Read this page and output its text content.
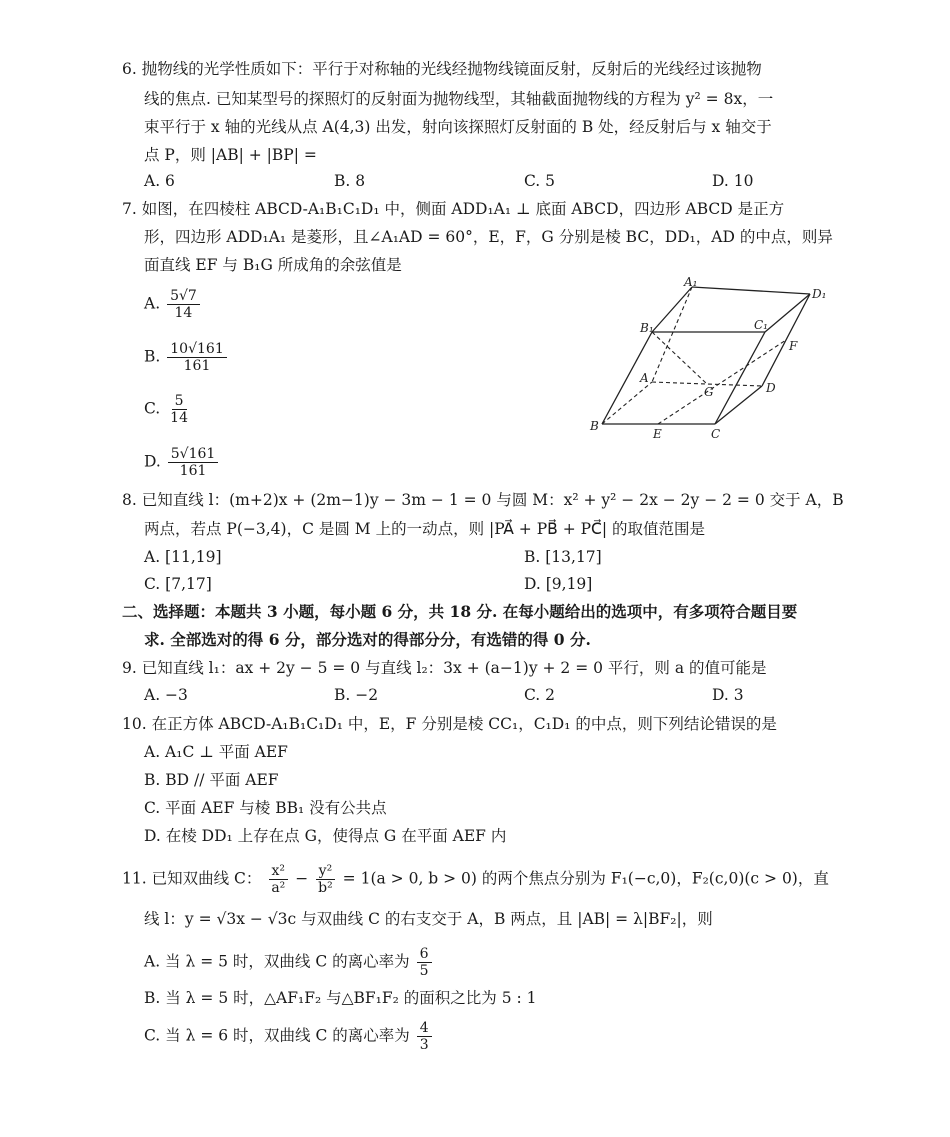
6. 抛物线的光学性质如下：平行于对称轴的光线经抛物线镜面反射，反射后的光线经过该抛物
线的焦点. 已知某型号的探照灯的反射面为抛物线型，其轴截面抛物线的方程为 y² = 8x，一
束平行于 x 轴的光线从点 A(4,3) 出发，射向该探照灯反射面的 B 处，经反射后与 x 轴交于
点 P，则 |AB| + |BP| =
A. 6	B. 8	C. 5	D. 10
7. 如图，在四棱柱 ABCD-A₁B₁C₁D₁ 中，侧面 ADD₁A₁ ⊥ 底面 ABCD，四边形 ABCD 是正方
形，四边形 ADD₁A₁ 是菱形，且∠A₁AD = 60°，E，F，G 分别是棱 BC，DD₁，AD 的中点，则异
面直线 EF 与 B₁G 所成角的余弦值是
A. $\frac{5√7}{14}$
B. $\frac{10√161}{161}$
C. $\frac{5}{14}$
D. $\frac{5√161}{161}$
A₁
D₁
B₁	C₁
F
A
G	D
B
E	C
8. 已知直线 l：(m+2)x + (2m−1)y − 3m − 1 = 0 与圆 M：x² + y² − 2x − 2y − 2 = 0 交于 A，B
两点，若点 P(−3,4)，C 是圆 M 上的一动点，则 |PA⃗ + PB⃗ + PC⃗| 的取值范围是
A. [11,19]	B. [13,17]
C. [7,17]	D. [9,19]
二、选择题：本题共 3 小题，每小题 6 分，共 18 分. 在每小题给出的选项中，有多项符合题目要
求. 全部选对的得 6 分，部分选对的得部分分，有选错的得 0 分.
9. 已知直线 l₁：ax + 2y − 5 = 0 与直线 l₂：3x + (a−1)y + 2 = 0 平行，则 a 的值可能是
A. −3	B. −2	C. 2	D. 3
10. 在正方体 ABCD-A₁B₁C₁D₁ 中，E，F 分别是棱 CC₁，C₁D₁ 的中点，则下列结论错误的是
A. A₁C ⊥ 平面 AEF
B. BD // 平面 AEF
C. 平面 AEF 与棱 BB₁ 没有公共点
D. 在棱 DD₁ 上存在点 G，使得点 G 在平面 AEF 内
11. 已知双曲线 C： $\frac{\text{x²}}{\text{a²}} - \frac{\text{y²}}{\text{b²}} = 1(a > 0$, b > 0) 的两个焦点分别为 F₁(−c,0)，F₂(c,0)(c > 0)，直
线 l：y = √3x − √3c 与双曲线 C 的右支交于 A，B 两点，且 |AB| = λ|BF₂|，则
A. 当 λ = 5 时，双曲线 C 的离心率为 $\frac{6}{5}$
B. 当 λ = 5 时，△AF₁F₂ 与△BF₁F₂ 的面积之比为 5 : 1
C. 当 λ = 6 时，双曲线 C 的离心率为 $\frac{4}{3}$
